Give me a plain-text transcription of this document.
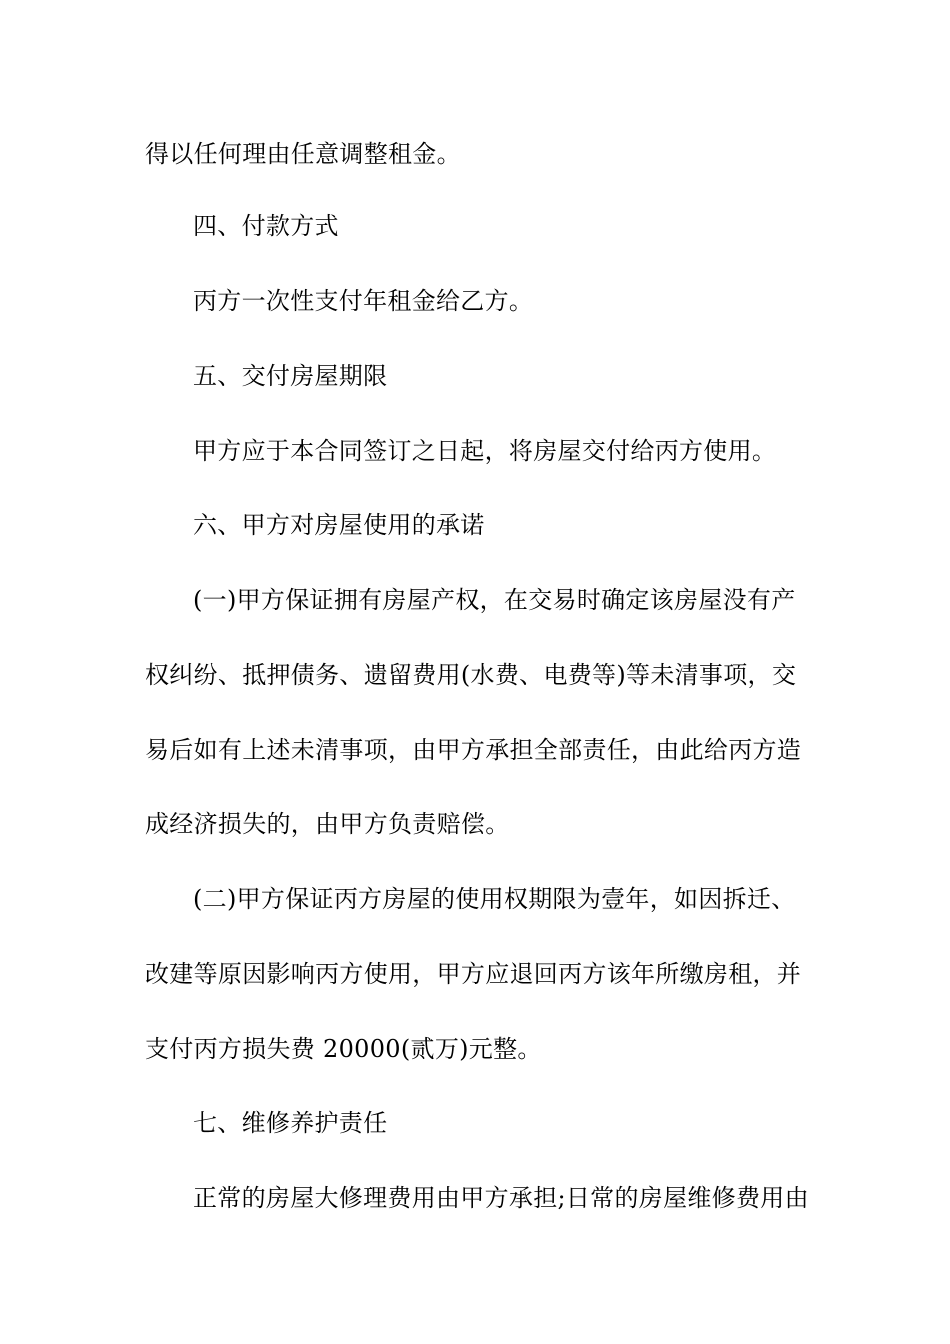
得以任何理由任意调整租金。
四、付款方式
丙方一次性支付年租金给乙方。
五、交付房屋期限
甲方应于本合同签订之日起，将房屋交付给丙方使用。
六、甲方对房屋使用的承诺
(一)甲方保证拥有房屋产权，在交易时确定该房屋没有产
权纠纷、抵押债务、遗留费用(水费、电费等)等未清事项，交
易后如有上述未清事项，由甲方承担全部责任，由此给丙方造
成经济损失的，由甲方负责赔偿。
(二)甲方保证丙方房屋的使用权期限为壹年，如因拆迁、
改建等原因影响丙方使用，甲方应退回丙方该年所缴房租，并
支付丙方损失费 20000(贰万)元整。
七、维修养护责任
正常的房屋大修理费用由甲方承担;日常的房屋维修费用由
